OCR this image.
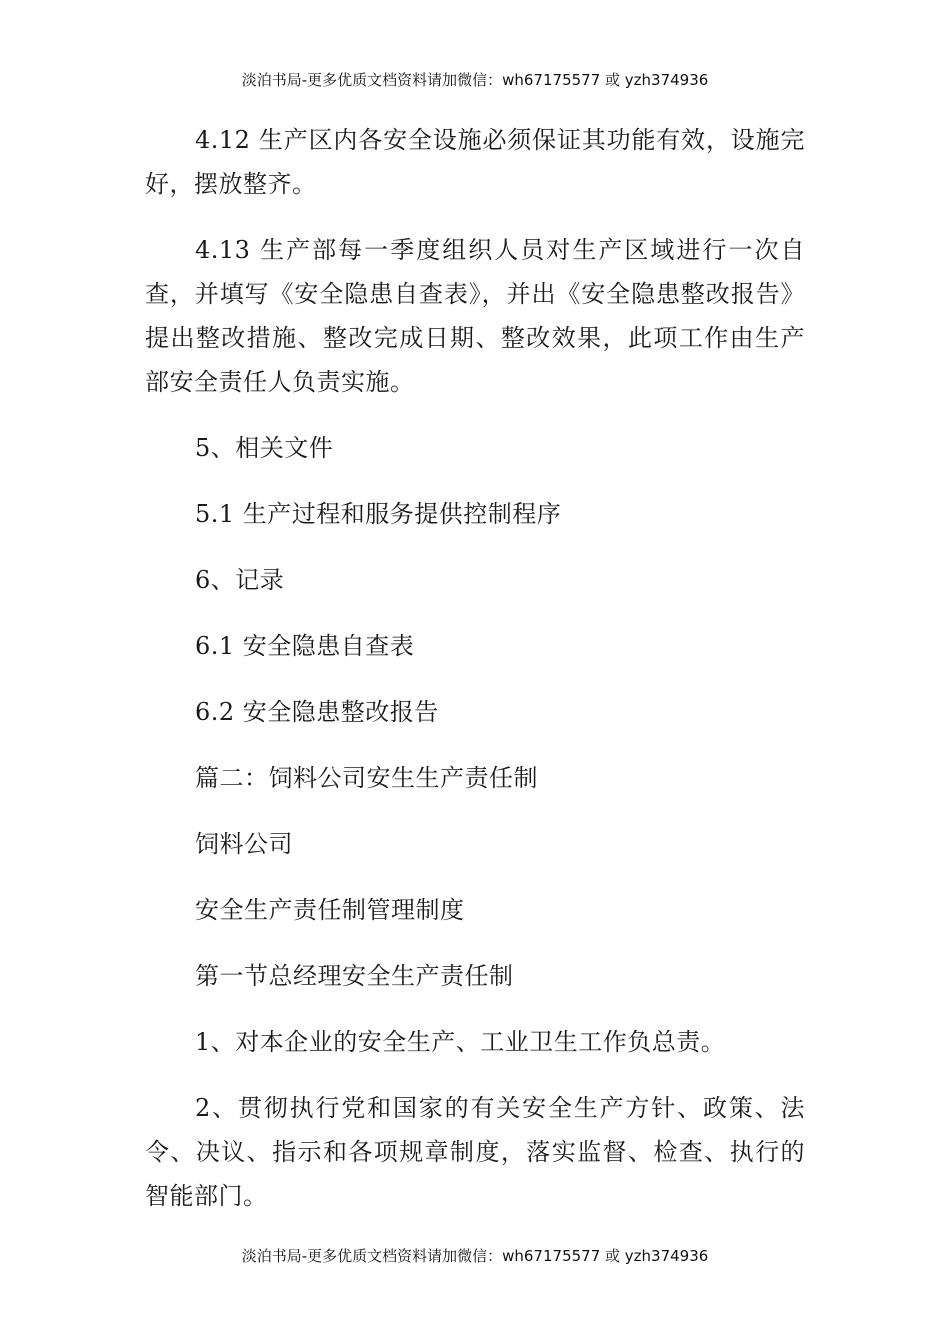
淡泊书局-更多优质文档资料请加微信：wh67175577 或 yzh374936

4.12 生产区内各安全设施必须保证其功能有效，设施完好，摆放整齐。

4.13 生产部每一季度组织人员对生产区域进行一次自查，并填写《安全隐患自查表》，并出《安全隐患整改报告》提出整改措施、整改完成日期、整改效果，此项工作由生产部安全责任人负责实施。

5、相关文件

5.1 生产过程和服务提供控制程序

6、记录

6.1 安全隐患自查表

6.2 安全隐患整改报告

篇二：饲料公司安生生产责任制

饲料公司

安全生产责任制管理制度

第一节总经理安全生产责任制

1、对本企业的安全生产、工业卫生工作负总责。

2、贯彻执行党和国家的有关安全生产方针、政策、法令、决议、指示和各项规章制度，落实监督、检查、执行的智能部门。

淡泊书局-更多优质文档资料请加微信：wh67175577 或 yzh374936
